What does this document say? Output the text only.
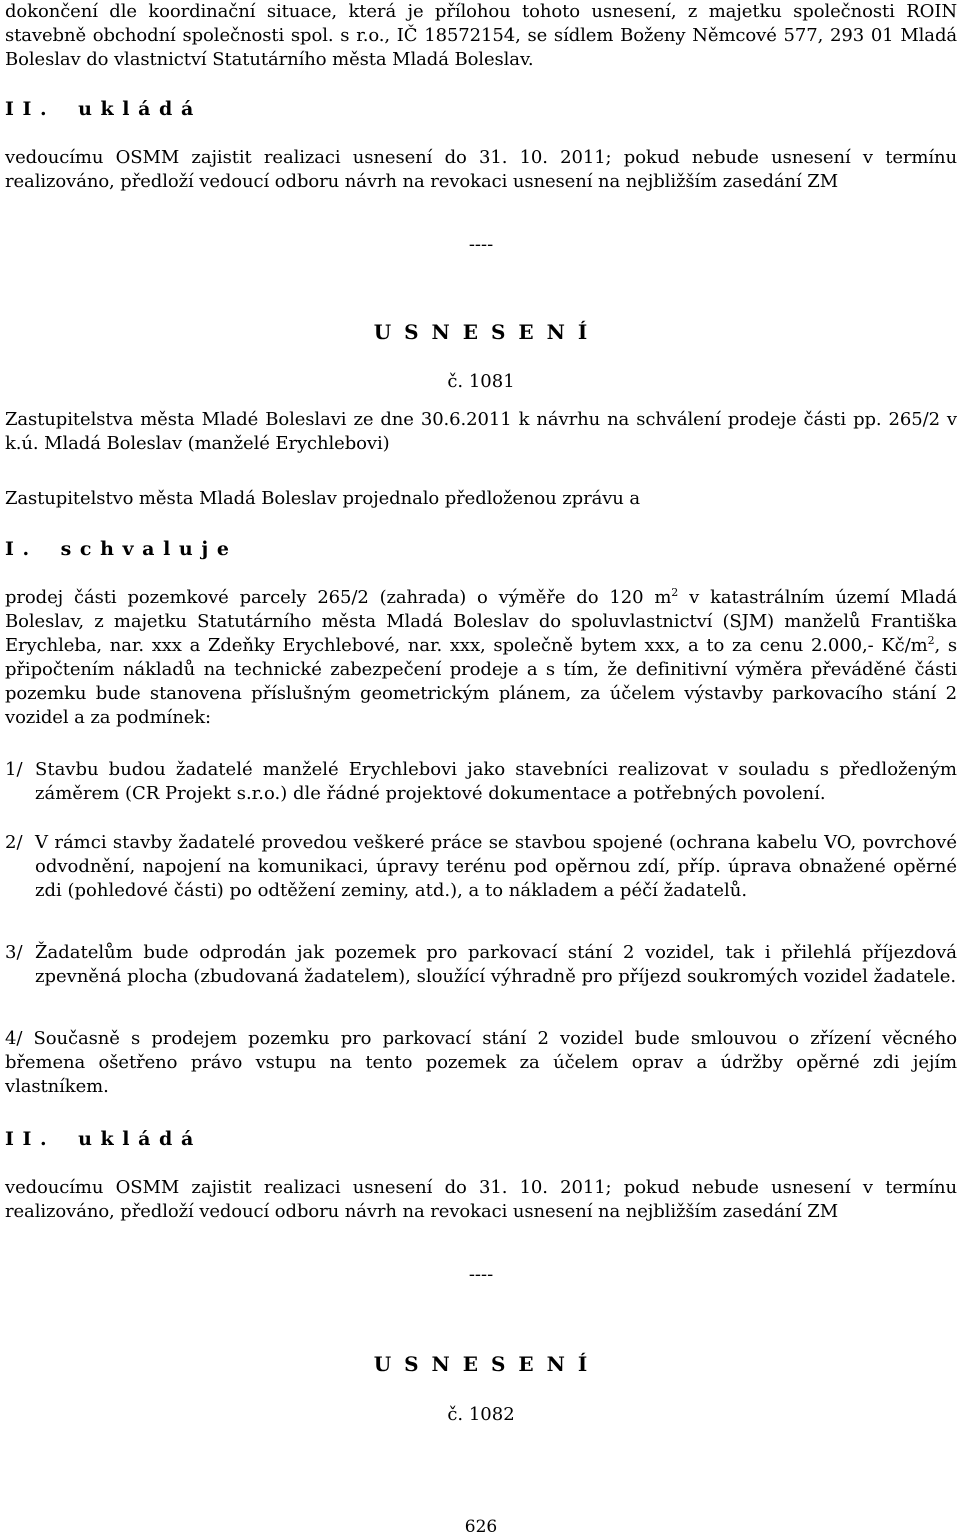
dokončení dle koordinační situace, která je přílohou tohoto usnesení, z majetku společnosti ROIN stavebně obchodní společnosti spol. s r.o., IČ 18572154, se sídlem Boženy Němcové 577, 293 01 Mladá Boleslav do vlastnictví Statutárního města Mladá Boleslav.

I I .    u k l á d á

vedoucímu OSMM zajistit realizaci usnesení do 31. 10. 2011; pokud nebude usnesení v termínu realizováno, předloží vedoucí odboru návrh na revokaci usnesení na nejbližším zasedání ZM

----

U S N E S E N Í

č. 1081

Zastupitelstva města Mladé Boleslavi ze dne 30.6.2011 k návrhu na schválení prodeje části pp. 265/2 v k.ú. Mladá Boleslav (manželé Erychlebovi)

Zastupitelstvo města Mladá Boleslav projednalo předloženou zprávu a

I .    s c h v a l u j e

prodej části pozemkové parcely 265/2 (zahrada) o výměře do 120 $m^2$ v katastrálním území Mladá Boleslav, z majetku Statutárního města Mladá Boleslav do spoluvlastnictví (SJM) manželů Františka Erychleba, nar. xxx a Zdeňky Erychlebové, nar. xxx, společně bytem xxx, a to za cenu 2.000,- $Kč/m^2$, s připočtením nákladů na technické zabezpečení prodeje a s tím, že definitivní výměra převáděné části pozemku bude stanovena příslušným geometrickým plánem, za účelem výstavby parkovacího stání 2 vozidel a za podmínek:

1/ Stavbu budou žadatelé manželé Erychlebovi jako stavebníci realizovat v souladu s předloženým záměrem (CR Projekt s.r.o.) dle řádné projektové dokumentace a potřebných povolení.
2/ V rámci stavby žadatelé provedou veškeré práce se stavbou spojené (ochrana kabelu VO, povrchové odvodnění, napojení na komunikaci, úpravy terénu pod opěrnou zdí, příp. úprava obnažené opěrné zdi (pohledové části) po odtěžení zeminy, atd.), a to nákladem a péčí žadatelů.
3/ Žadatelům bude odprodán jak pozemek pro parkovací stání 2 vozidel, tak i přilehlá příjezdová zpevněná plocha (zbudovaná žadatelem), sloužící výhradně pro příjezd soukromých vozidel žadatele.

4/ Současně s prodejem pozemku pro parkovací stání 2 vozidel bude smlouvou o zřízení věcného břemena ošetřeno právo vstupu na tento pozemek za účelem oprav a údržby opěrné zdi jejím vlastníkem.

I I .    u k l á d á

vedoucímu OSMM zajistit realizaci usnesení do 31. 10. 2011; pokud nebude usnesení v termínu realizováno, předloží vedoucí odboru návrh na revokaci usnesení na nejbližším zasedání ZM

----

U S N E S E N Í

č. 1082

626
